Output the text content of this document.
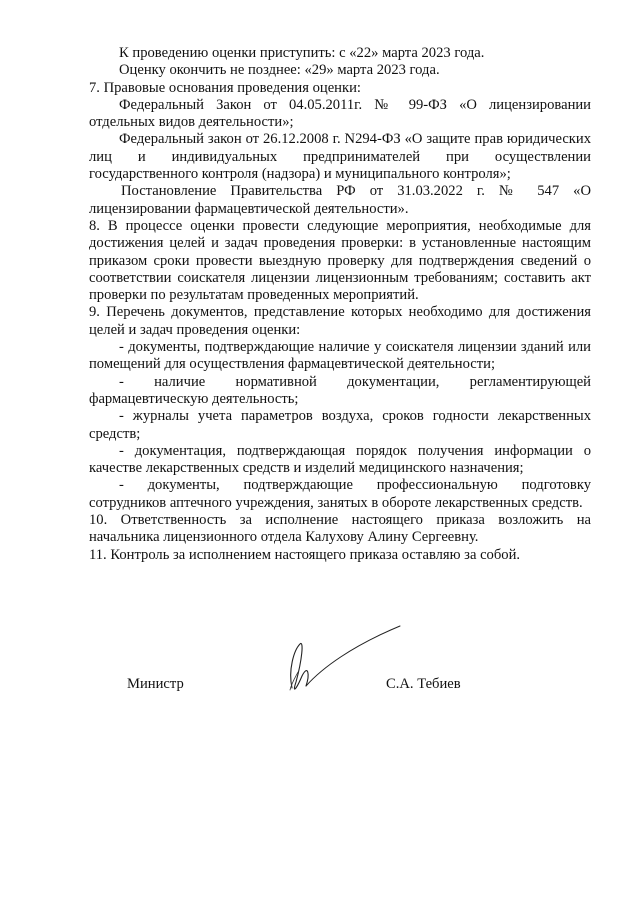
К проведению оценки приступить: с «22» марта 2023 года.

Оценку окончить не позднее: «29» марта 2023 года.

7. Правовые основания проведения оценки:

Федеральный Закон от 04.05.2011г. № 99-ФЗ «О лицензировании отдельных видов деятельности»;

Федеральный закон от 26.12.2008 г. N294-ФЗ «О защите прав юридических лиц и индивидуальных предпринимателей при осуществлении государственного контроля (надзора) и муниципального контроля»;

Постановление Правительства РФ от 31.03.2022 г. № 547 «О лицензировании фармацевтической деятельности».

8. В процессе оценки провести следующие мероприятия, необходимые для достижения целей и задач проведения проверки: в установленные настоящим приказом сроки провести выездную проверку для подтверждения сведений о соответствии соискателя лицензии лицензионным требованиям; составить акт проверки по результатам проведенных мероприятий.

9. Перечень документов, представление которых необходимо для достижения целей и задач проведения оценки:

- документы, подтверждающие наличие у соискателя лицензии зданий или помещений для осуществления фармацевтической деятельности;

- наличие нормативной документации, регламентирующей фармацевтическую деятельность;

- журналы учета параметров воздуха, сроков годности лекарственных средств;

- документация, подтверждающая порядок получения информации о качестве лекарственных средств и изделий медицинского назначения;

- документы, подтверждающие профессиональную подготовку сотрудников аптечного учреждения, занятых в обороте лекарственных средств.

10. Ответственность за исполнение настоящего приказа возложить на начальника лицензионного отдела Калухову Алину Сергеевну.

11. Контроль за исполнением настоящего приказа оставляю за собой.

Министр	С.А. Тебиев
